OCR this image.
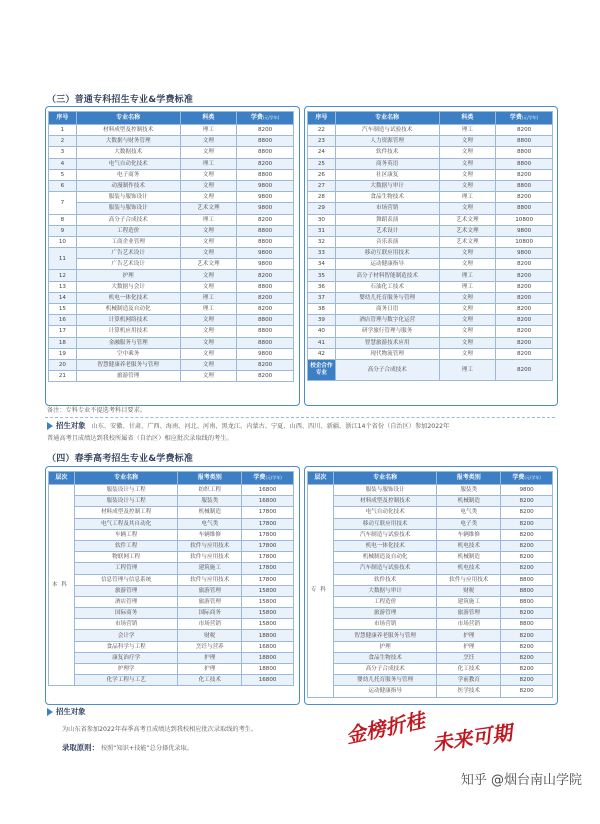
（三）普通专科招生专业&学费标准
序号	专业名称	科类	学费(元/学年)
1	材料成型及控制技术	理工	8200
2	大数据与财务管理	文理	8800
3	大数据技术	文理	8800
4	电气自动化技术	理工	8200
5	电子商务	文理	8800
6	动漫制作技术	文理	9800
7	服装与服饰设计	文理	9800
	服装与服饰设计	艺术文理	9800
8	高分子合成技术	理工	8200
9	工程造价	文理	8800
10	工商企业管理	文理	8800
11	广告艺术设计	文理	9800
	广告艺术设计	艺术文理	9800
12	护理	文理	8200
13	大数据与会计	文理	8800
14	机电一体化技术	理工	8200
15	机械制造及自动化	理工	8200
16	计算机网络技术	文理	8800
17	计算机应用技术	文理	8800
18	金融服务与管理	文理	8800
19	空中乘务	文理	9800
20	智慧健康养老服务与管理	文理	8200
21	旅游管理	文理	8200
序号	专业名称	科类	学费(元/学年)
22	汽车制造与试验技术	理工	8200
23	人力资源管理	文理	8800
24	软件技术	文理	8800
25	商务英语	文理	8800
26	社区康复	文理	8200
27	大数据与审计	文理	8800
28	食品生物技术	理工	8200
29	市场营销	文理	8800
30	舞蹈表演	艺术文理	10800
31	艺术设计	艺术文理	9800
32	音乐表演	艺术文理	10800
33	移动互联应用技术	文理	9800
34	运动健康指导	文理	8200
35	高分子材料智能制造技术	理工	8200
36	石油化工技术	理工	8200
37	婴幼儿托育服务与管理	文理	8200
38	商务日语	文理	8200
39	酒店管理与数字化运营	文理	8200
40	研学旅行管理与服务	文理	8200
41	智慧旅游技术应用	文理	8200
42	现代物流管理	文理	8200
校企合作专业	高分子合成技术	理工	8200
备注：专科专业不提选考科目要求。
招生对象 山东、安徽、甘肃、广西、海南、河北、河南、黑龙江、内蒙古、宁夏、山西、四川、新疆、浙江14个省份（自治区）参加2022年
普通高考且成绩达到我校所属省（自治区）相应批次录取线的考生。
（四）春季高考招生专业&学费标准
层次	专业名称	报考类别	学费(元/学年)
本科	服装设计与工程	纺织工程	16800
	服装设计与工程	服装类	16800
	材料成型及控制工程	机械制造	17800
	电气工程及其自动化	电气类	17800
	车辆工程	车辆维修	17800
	软件工程	软件与应用技术	17800
	物联网工程	软件与应用技术	17800
	工程管理	建筑施工	17800
	信息管理与信息系统	软件与应用技术	17800
	旅游管理	旅游管理	15800
	酒店管理	旅游管理	15800
	国际商务	国际商务	15800
	市场营销	市场营销	15800
	会计学	财税	18800
	食品科学与工程	烹饪与营养	16800
	康复治疗学	护理	18800
	护理学	护理	18800
	化学工程与工艺	化工技术	16800
层次	专业名称	报考类别	学费(元/学年)
专科	服装与服饰设计	服装类	9800
	材料成型及控制技术	机械制造	8200
	电气自动化技术	电气类	8200
	移动互联应用技术	电子类	8200
	汽车制造与试验技术	车辆维修	8200
	机电一体化技术	机电技术	8200
	机械制造及自动化	机械制造	8200
	汽车制造与试验技术	机电技术	8200
	软件技术	软件与应用技术	8800
	大数据与审计	财税	8800
	工程造价	建筑施工	8800
	旅游管理	旅游管理	8200
	市场营销	市场营销	8800
	智慧健康养老服务与管理	护理	8200
	护理	护理	8200
	食品生物技术	烹饪	8200
	高分子合成技术	化工技术	8200
	婴幼儿托育服务与管理	学前教育	8200
	运动健康指导	医学技术	8200
招生对象
为山东省参加2022年春季高考且成绩达到我校相应批次录取线的考生。
录取原则： 按照“知识+技能”总分择优录取。
金榜折桂 未来可期
知乎 @烟台南山学院
